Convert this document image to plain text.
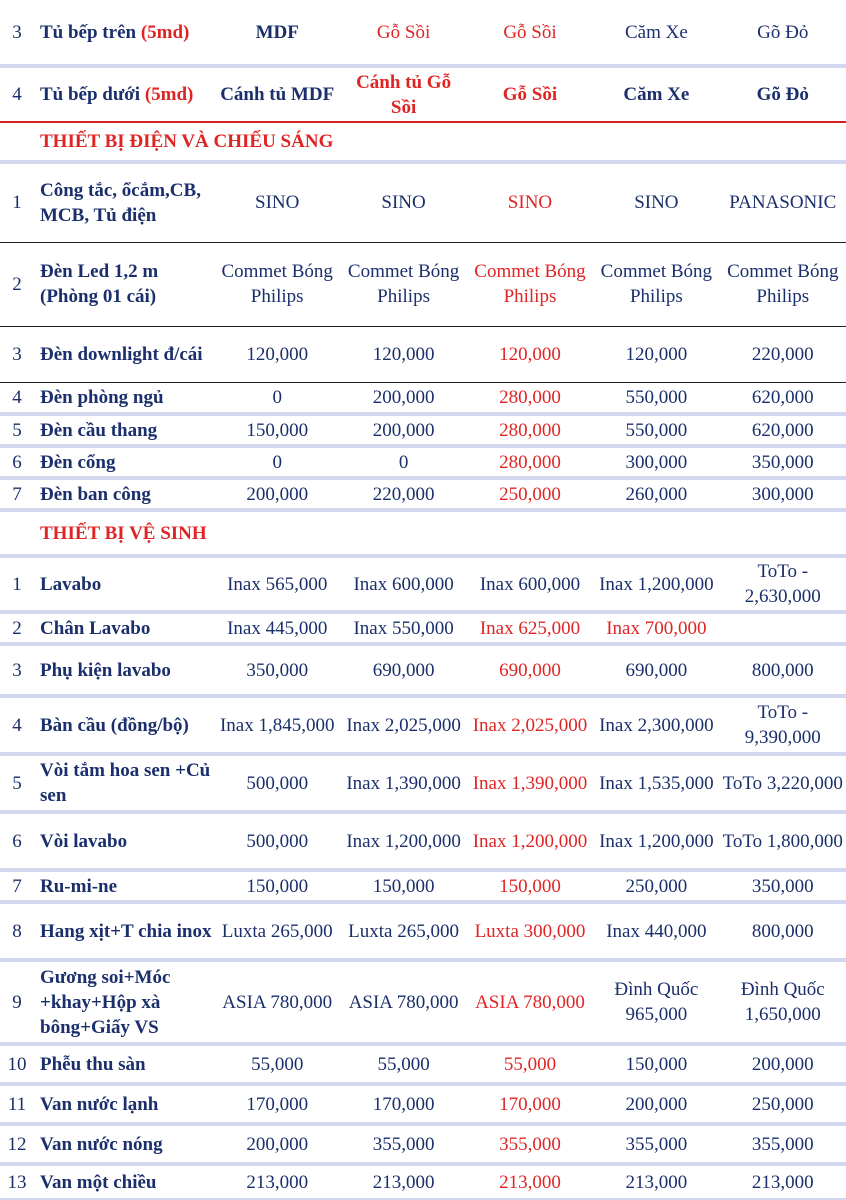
3	Tủ bếp trên (5md)	MDF	Gỗ Sồi	Gỗ Sồi	Căm Xe	Gõ Đỏ
4	Tủ bếp dưới (5md)	Cánh tủ MDF	Cánh tủ Gỗ Sồi	Gỗ Sồi	Căm Xe	Gõ Đỏ
THIẾT BỊ ĐIỆN VÀ CHIẾU SÁNG						
1	Công tắc, ổcắm,CB, MCB, Tủ điện	SINO	SINO	SINO	SINO	PANASONIC
2	Đèn Led 1,2 m (Phòng 01 cái)	Commet Bóng Philips	Commet Bóng Philips	Commet Bóng Philips	Commet Bóng Philips	Commet Bóng Philips
3	Đèn downlight đ/cái	120,000	120,000	120,000	120,000	220,000
4	Đèn phòng ngủ	0	200,000	280,000	550,000	620,000
5	Đèn cầu thang	150,000	200,000	280,000	550,000	620,000
6	Đèn cổng	0	0	280,000	300,000	350,000
7	Đèn ban công	200,000	220,000	250,000	260,000	300,000
THIẾT BỊ VỆ SINH						
1	Lavabo	Inax 565,000	Inax 600,000	Inax 600,000	Inax 1,200,000	ToTo - 2,630,000
2	Chân Lavabo	Inax 445,000	Inax 550,000	Inax 625,000	Inax 700,000	
3	Phụ kiện lavabo	350,000	690,000	690,000	690,000	800,000
4	Bàn cầu (đồng/bộ)	Inax 1,845,000	Inax 2,025,000	Inax 2,025,000	Inax 2,300,000	ToTo - 9,390,000
5	Vòi tắm hoa sen +Củ sen	500,000	Inax 1,390,000	Inax 1,390,000	Inax 1,535,000	ToTo 3,220,000
6	Vòi lavabo	500,000	Inax 1,200,000	Inax 1,200,000	Inax 1,200,000	ToTo 1,800,000
7	Ru-mi-ne	150,000	150,000	150,000	250,000	350,000
8	Hang xịt+T chia inox	Luxta 265,000	Luxta 265,000	Luxta 300,000	Inax 440,000	800,000
9	Gương soi+Móc +khay+Hộp xà bông+Giấy VS	ASIA 780,000	ASIA 780,000	ASIA 780,000	Đình Quốc 965,000	Đình Quốc 1,650,000
10	Phễu thu sàn	55,000	55,000	55,000	150,000	200,000
11	Van nước lạnh	170,000	170,000	170,000	200,000	250,000
12	Van nước nóng	200,000	355,000	355,000	355,000	355,000
13	Van một chiều	213,000	213,000	213,000	213,000	213,000
